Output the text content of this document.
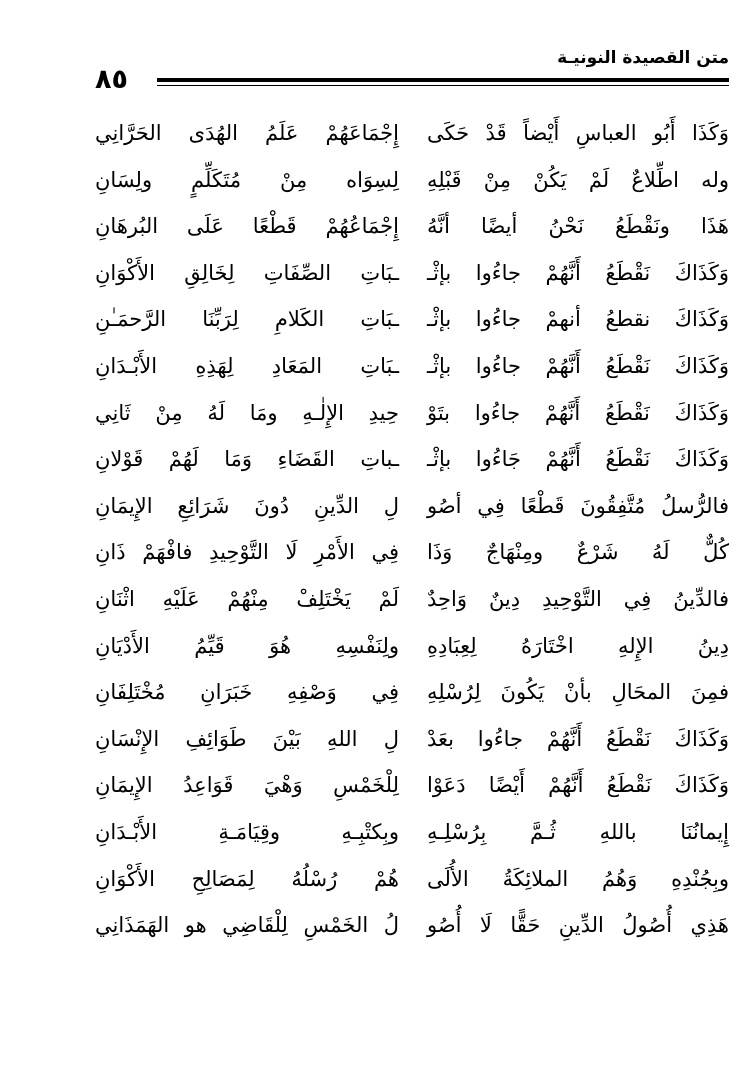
متن القصيدة النونيـة
٨٥
وَكَذَا أَبُو العباسِ أَيْضاً قَدْ حَكَى
إِجْمَاعَهُمْ عَلَمُ الهُدَى الحَرَّانِي
وله اطِّلاعٌ لَمْ يَكُنْ مِنْ قَبْلِهِ
لِسِوَاه مِنْ مُتَكَلِّمٍ ولِسَانِ
هَذَا ونَقْطَعُ نَحْنُ أيضًا أنَّهُ
إِجْمَاعُهُمْ قَطْعًا عَلَى البُرهَانِ
وَكَذَاكَ نَقْطَعُ أَنَّهُمْ جاءُوا بإثْـ
ـبَاتِ الصِّفَاتِ لِخَالِقِ الأَكْوَانِ
وَكَذَاكَ نقطعُ أنهمْ جاءُوا بإثْـ
ـبَاتِ الكَلامِ لِرَبِّنَا الرَّحمَـٰنِ
وَكَذَاكَ نَقْطَعُ أَنَّهُمْ جاءُوا بإثْـ
ـبَاتِ المَعَادِ لِهَذِهِ الأَبْـدَانِ
وَكَذَاكَ نَقْطَعُ أَنَّهُمْ جاءُوا بتَوْ
حِيدِ الإِلٰـهِ ومَا لَهُ مِنْ ثَانِي
وَكَذَاكَ نَقْطَعُ أَنَّهُمْ جَاءُوا بإثْـ
ـباتِ القَضَاءِ وَمَا لَهُمْ قَوْلانِ
فالرُّسلُ مُتَّفِقُونَ قَطْعًا فِي أصُو
لِ الدِّينِ دُونَ شَرَائِعِ الإِيمَانِ
كُلٌّ لَهُ شَرْعٌ ومِنْهَاجٌ وَذَا
فِي الأَمْرِ لَا التَّوْحِيدِ فافْهَمْ ذَانِ
فالدِّينُ فِي التَّوْحِيدِ دِينٌ وَاحِدٌ
لَمْ يَخْتَلِفْ مِنْهُمْ عَلَيْهِ اثْنَانِ
دِينُ الإِلهِ اخْتَارَهُ لِعِبَادِهِ
ولِنَفْسِهِ هُوَ قَيِّمُ الأَدْيَانِ
فمِنَ المحَالِ بأنْ يَكُونَ لِرُسْلِهِ
فِي وَصْفِهِ خَبَرَانِ مُخْتَلِفَانِ
وَكَذَاكَ نَقْطَعُ أَنَّهُمْ جاءُوا بعَدْ
لِ اللهِ بَيْنَ طَوَائِفِ الإِنْسَانِ
وَكَذَاكَ نَقْطَعُ أَنَّهُمْ أَيْضًا دَعَوْا
لِلْخَمْسِ وَهْيَ قَوَاعِدُ الإِيمَانِ
إِيمانُنَا باللهِ ثُـمَّ بِرُسْلِـهِ
وبِكتْبِـهِ وقِيَامَـةِ الأَبْـدَانِ
وبِجُنْدِهِ وَهُمُ الملائِكَةُ الأُلَى
هُمْ رُسْلُهُ لِمَصَالِحِ الأَكْوَانِ
هَذِي أُصُولُ الدِّينِ حَقًّا لَا أُصُو
لُ الخَمْسِ لِلْقَاضِي هو الهَمَذَانِي
